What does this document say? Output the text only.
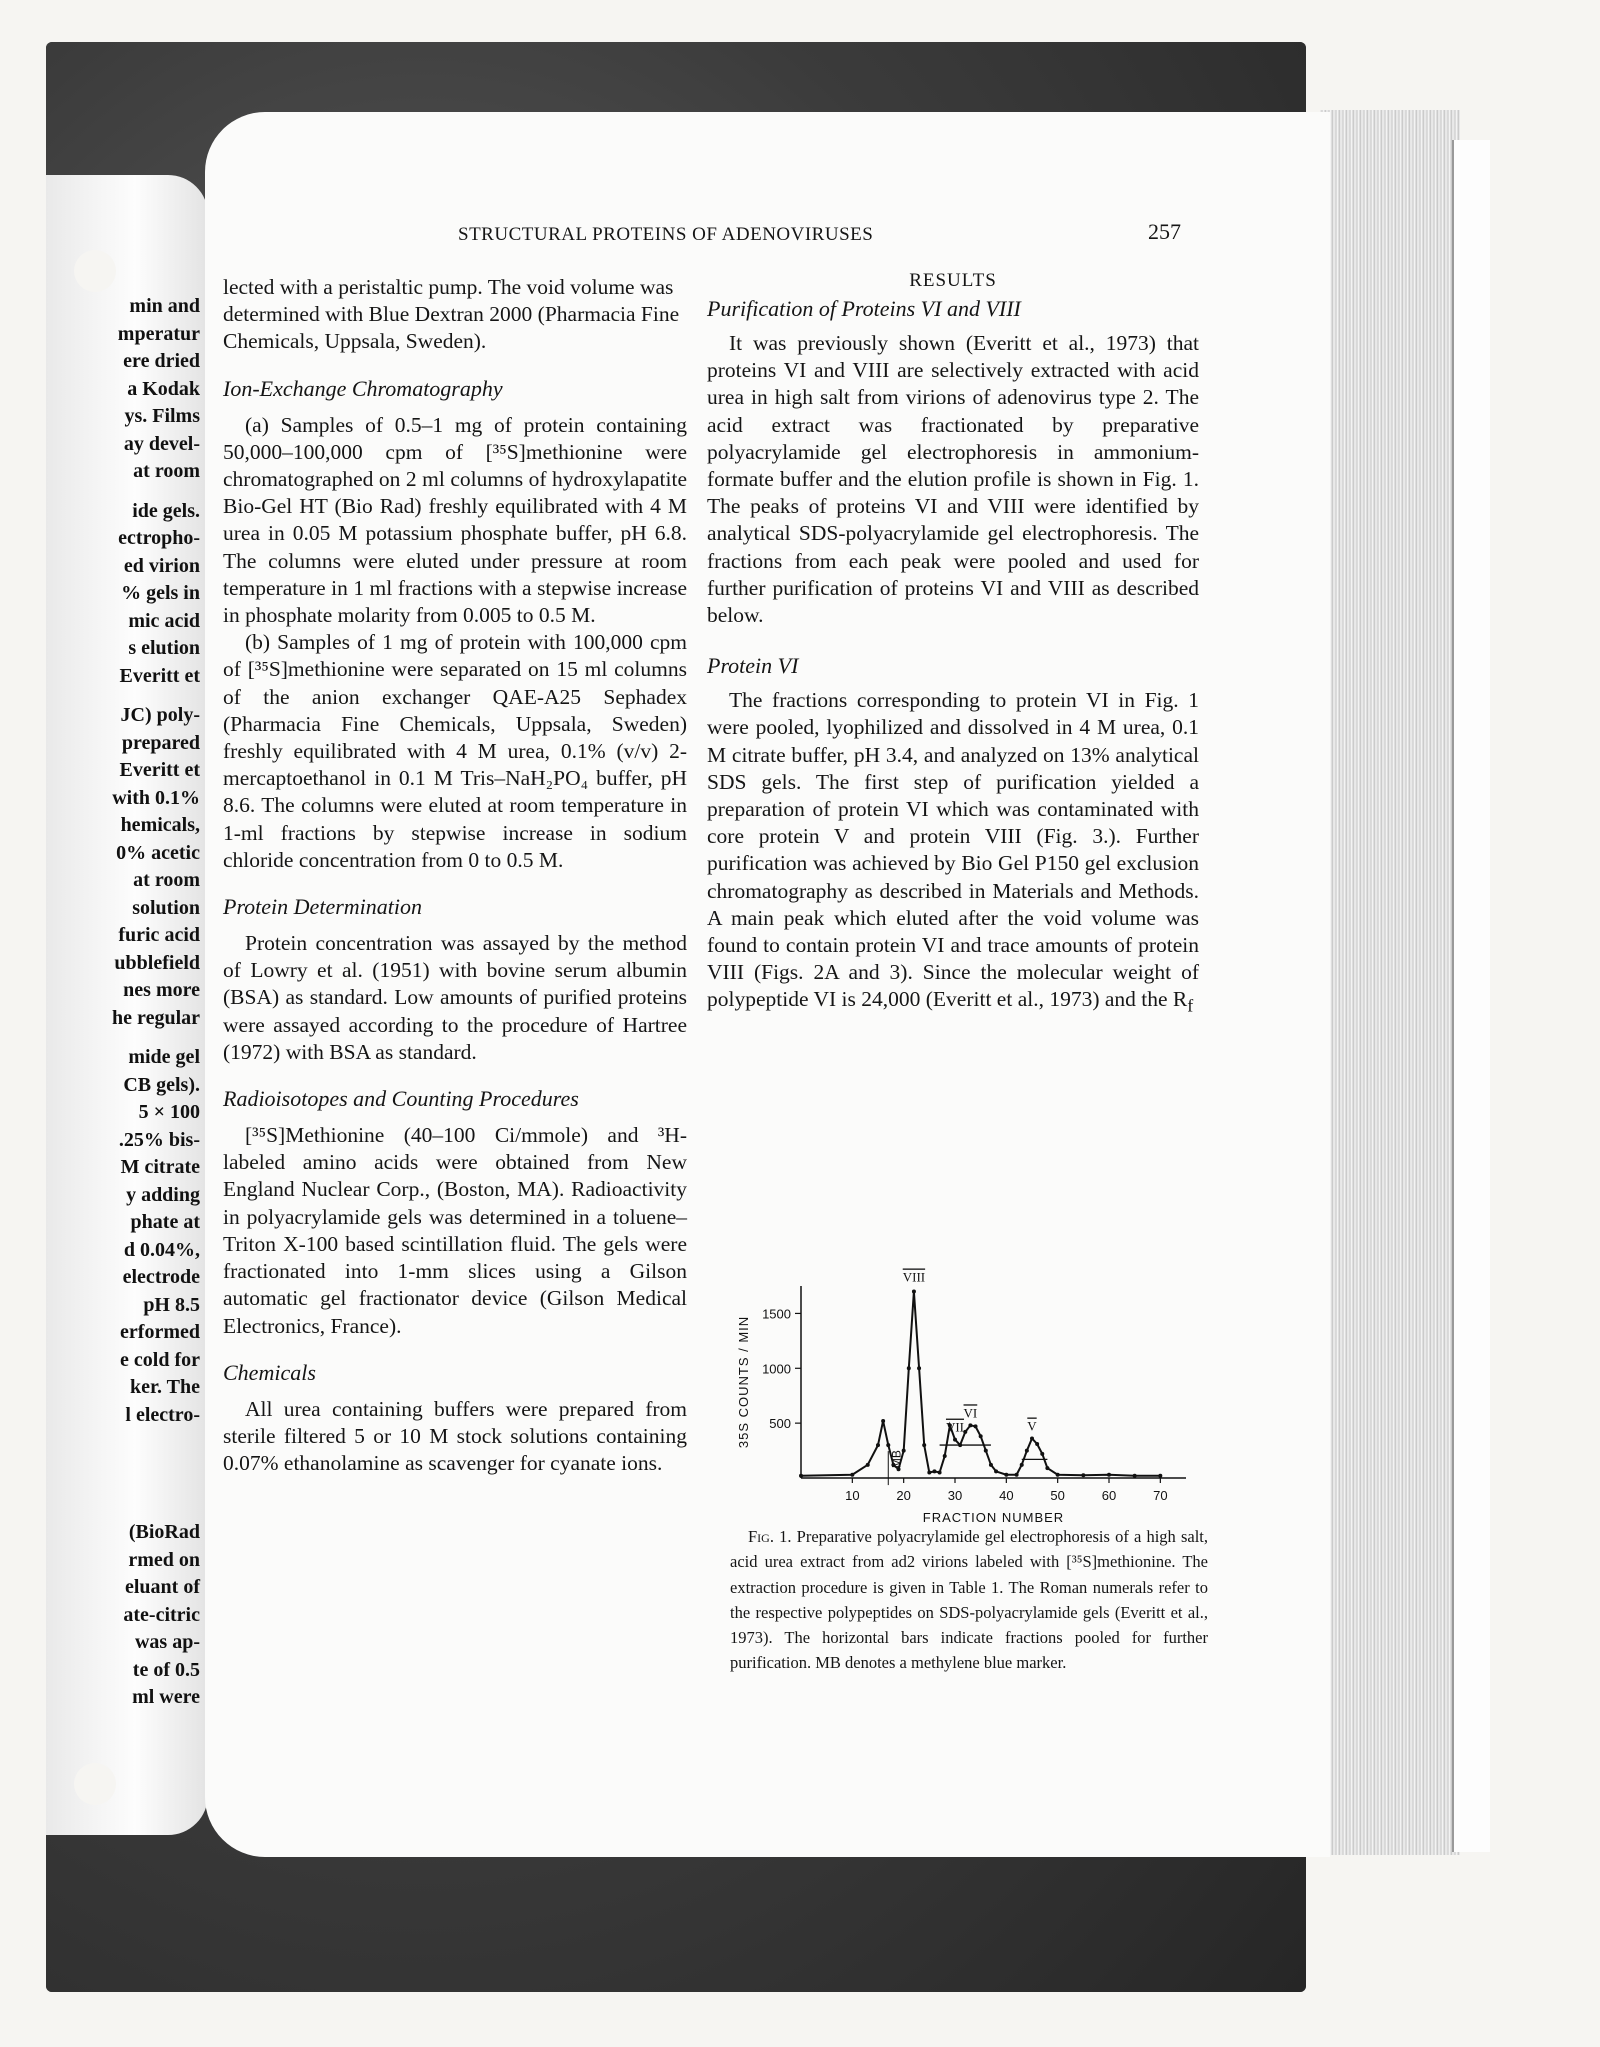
min and
mperatur
ere dried
a Kodak
ys. Films
ay devel-
at room
ide gels.
ectropho-
ed virion
% gels in
mic acid
s elution
Everitt et
JC) poly-
prepared
Everitt et
with 0.1%
hemicals,
0% acetic
at room
solution
furic acid
ubblefield
nes more
he regular
mide gel
CB gels).
5 × 100
.25% bis-
M citrate
y adding
phate at
d 0.04%,
electrode
pH 8.5
erformed
e cold for
ker. The
l electro-
(BioRad
rmed on
eluant of
ate-citric
was ap-
te of 0.5
ml were
STRUCTURAL PROTEINS OF ADENOVIRUSES	257
lected with a peristaltic pump. The void volume was determined with Blue Dextran 2000 (Pharmacia Fine Chemicals, Uppsala, Sweden).
Ion-Exchange Chromatography
(a) Samples of 0.5–1 mg of protein containing 50,000–100,000 cpm of [³⁵S]methionine were chromatographed on 2 ml columns of hydroxylapatite Bio-Gel HT (Bio Rad) freshly equilibrated with 4 M urea in 0.05 M potassium phosphate buffer, pH 6.8. The columns were eluted under pressure at room temperature in 1 ml fractions with a stepwise increase in phosphate molarity from 0.005 to 0.5 M.
(b) Samples of 1 mg of protein with 100,000 cpm of [³⁵S]methionine were separated on 15 ml columns of the anion exchanger QAE-A25 Sephadex (Pharmacia Fine Chemicals, Uppsala, Sweden) freshly equilibrated with 4 M urea, 0.1% (v/v) 2-mercaptoethanol in 0.1 M Tris–NaH₂PO₄ buffer, pH 8.6. The columns were eluted at room temperature in 1-ml fractions by stepwise increase in sodium chloride concentration from 0 to 0.5 M.
Protein Determination
Protein concentration was assayed by the method of Lowry et al. (1951) with bovine serum albumin (BSA) as standard. Low amounts of purified proteins were assayed according to the procedure of Hartree (1972) with BSA as standard.
Radioisotopes and Counting Procedures
[³⁵S]Methionine (40–100 Ci/mmole) and ³H-labeled amino acids were obtained from New England Nuclear Corp., (Boston, MA). Radioactivity in polyacrylamide gels was determined in a toluene–Triton X-100 based scintillation fluid. The gels were fractionated into 1-mm slices using a Gilson automatic gel fractionator device (Gilson Medical Electronics, France).
Chemicals
All urea containing buffers were prepared from sterile filtered 5 or 10 M stock solutions containing 0.07% ethanolamine as scavenger for cyanate ions.
RESULTS
Purification of Proteins VI and VIII
It was previously shown (Everitt et al., 1973) that proteins VI and VIII are selectively extracted with acid urea in high salt from virions of adenovirus type 2. The acid extract was fractionated by preparative polyacrylamide gel electrophoresis in ammonium-formate buffer and the elution profile is shown in Fig. 1. The peaks of proteins VI and VIII were identified by analytical SDS-polyacrylamide gel electrophoresis. The fractions from each peak were pooled and used for further purification of proteins VI and VIII as described below.
Protein VI
The fractions corresponding to protein VI in Fig. 1 were pooled, lyophilized and dissolved in 4 M urea, 0.1 M citrate buffer, pH 3.4, and analyzed on 13% analytical SDS gels. The first step of purification yielded a preparation of protein VI which was contaminated with core protein V and protein VIII (Fig. 3.). Further purification was achieved by Bio Gel P150 gel exclusion chromatography as described in Materials and Methods. A main peak which eluted after the void volume was found to contain protein VI and trace amounts of protein VIII (Figs. 2A and 3). Since the molecular weight of polypeptide VI is 24,000 (Everitt et al., 1973) and the $R_f$
Fig. 1. Preparative polyacrylamide gel electrophoresis of a high salt, acid urea extract from ad2 virions labeled with [³⁵S]methionine. The extraction procedure is given in Table 1. The Roman numerals refer to the respective polypeptides on SDS-polyacrylamide gels (Everitt et al., 1973). The horizontal bars indicate fractions pooled for further purification. MB denotes a methylene blue marker.
500
1000
1500
10	20	30	40	50	60	70
FRACTION NUMBER
35S COUNTS / MIN
VIII
MB
VII
VI
V
